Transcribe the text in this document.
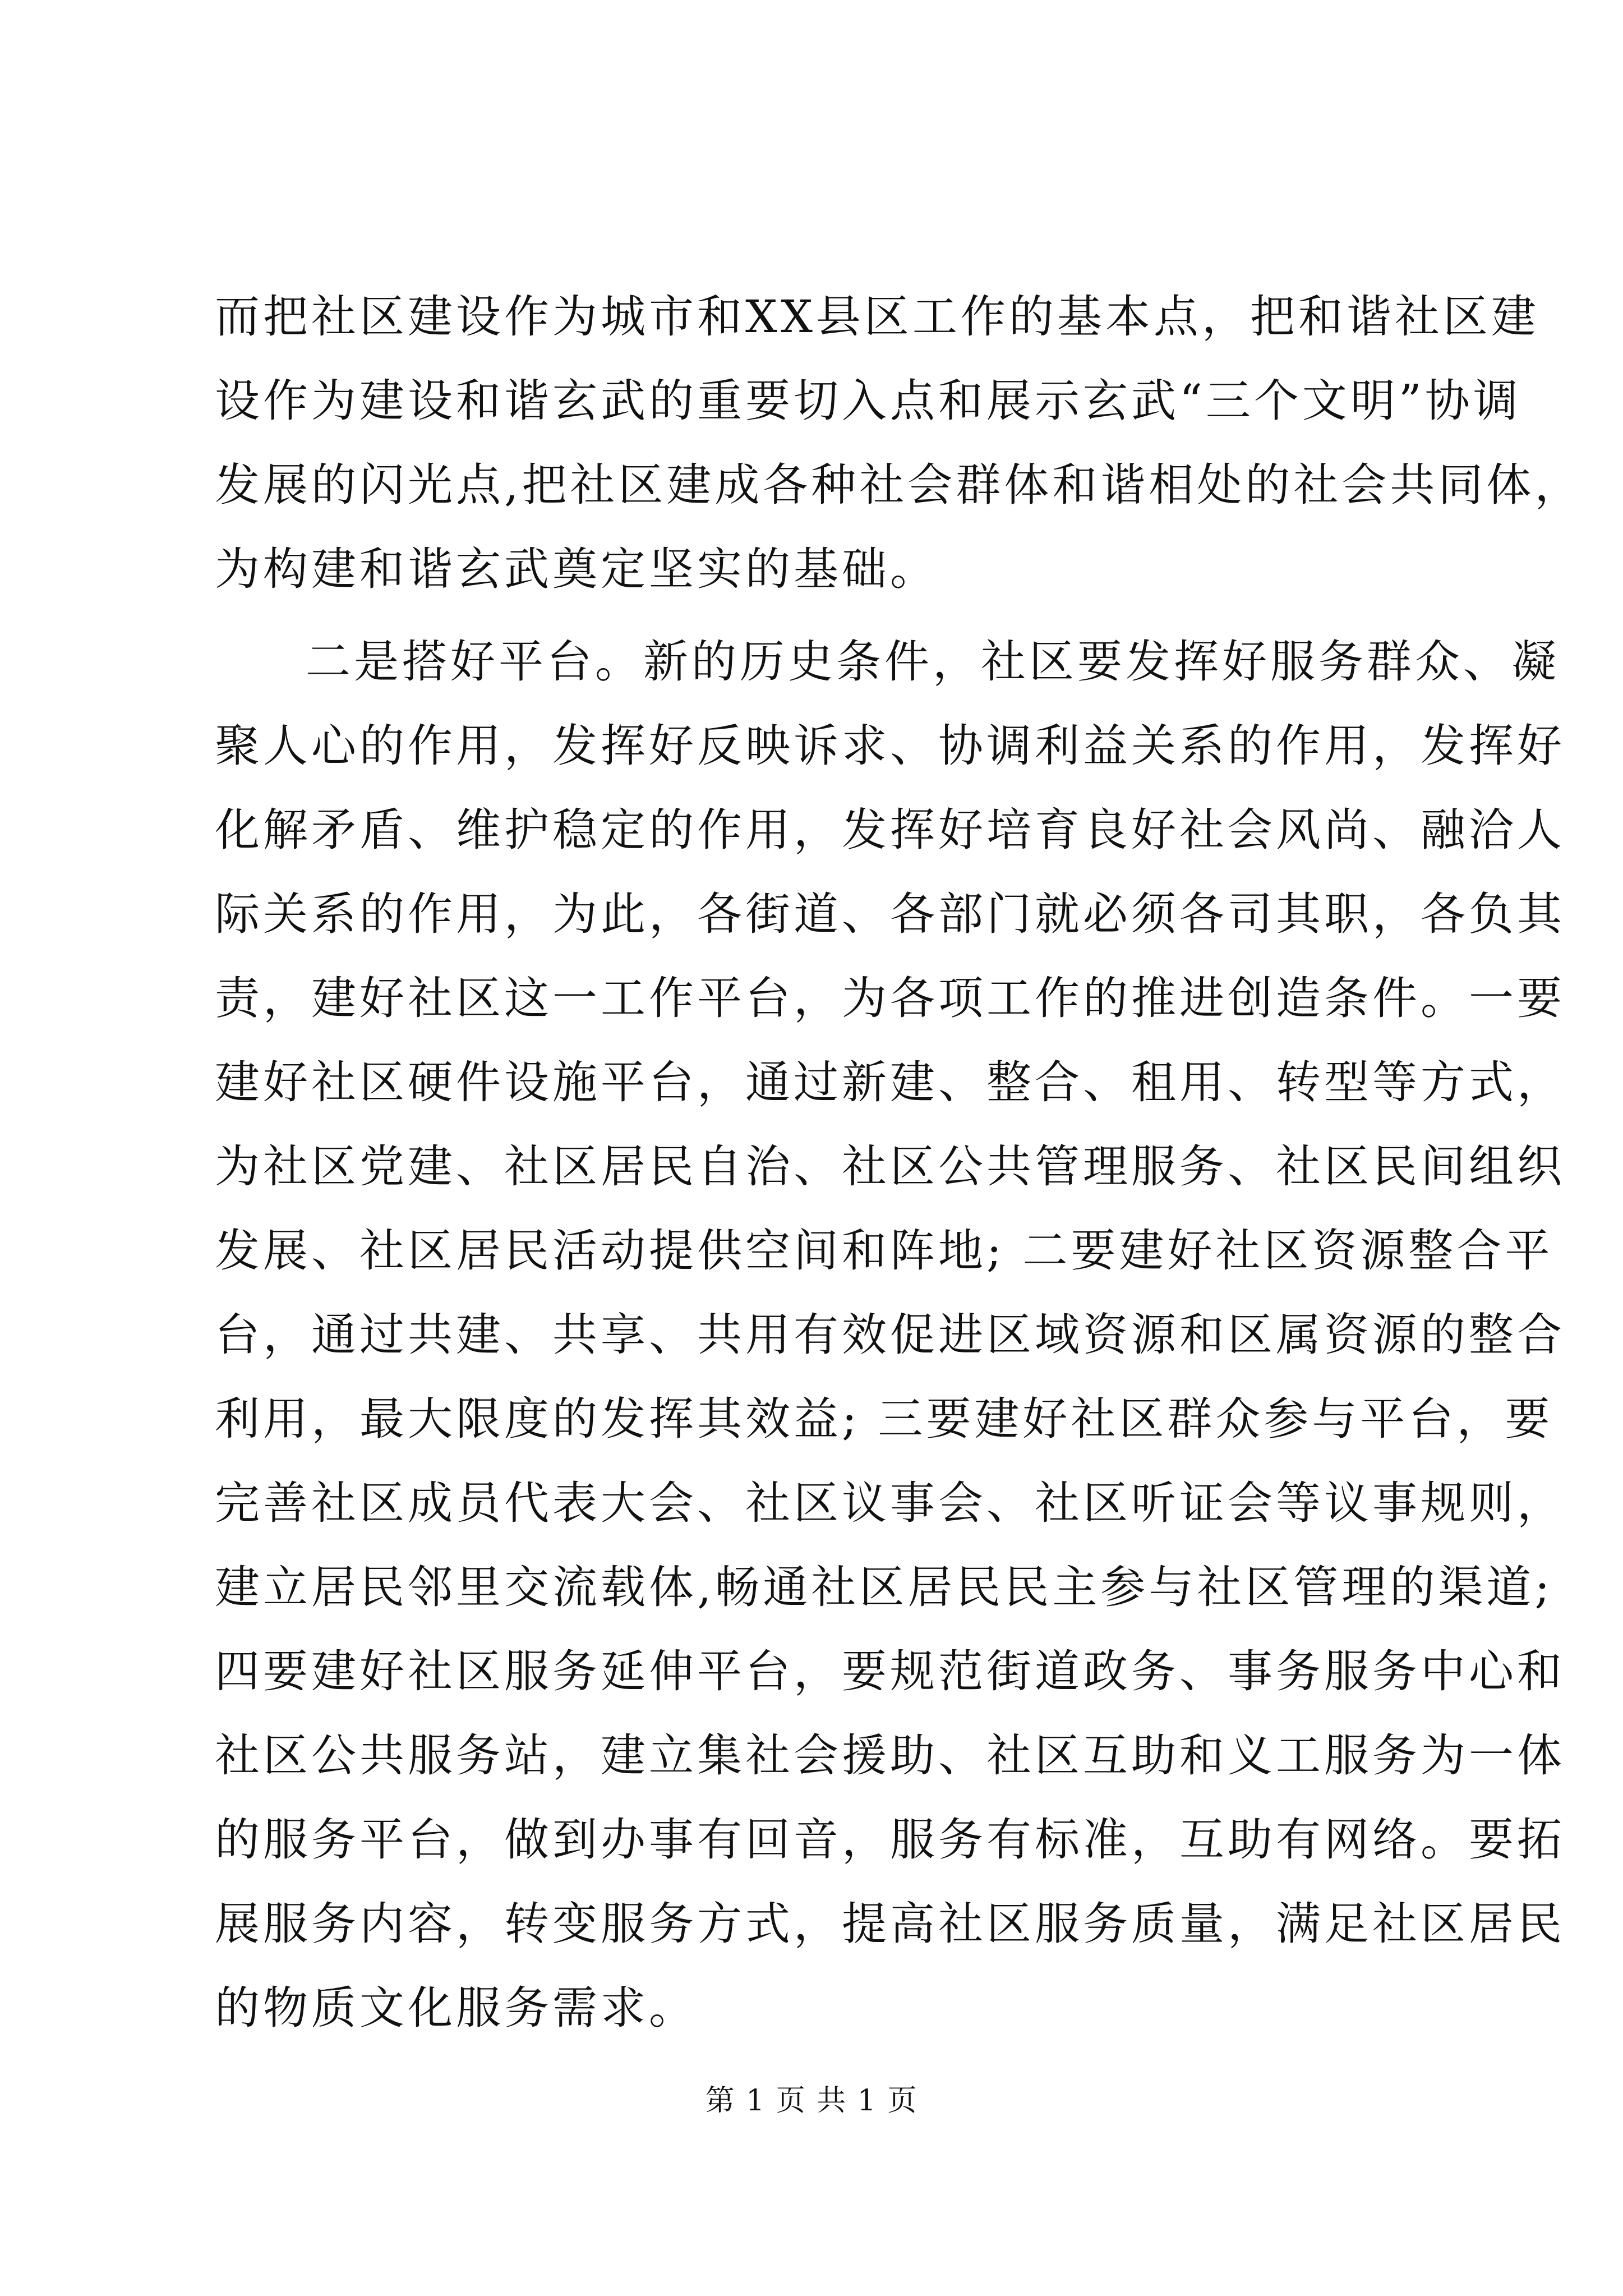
而把社区建设作为城市和XX县区工作的基本点，把和谐社区建
设作为建设和谐玄武的重要切入点和展示玄武“三个文明”协调
发展的闪光点,把社区建成各种社会群体和谐相处的社会共同体，
为构建和谐玄武奠定坚实的基础。
二是搭好平台。新的历史条件，社区要发挥好服务群众、凝
聚人心的作用，发挥好反映诉求、协调利益关系的作用，发挥好
化解矛盾、维护稳定的作用，发挥好培育良好社会风尚、融洽人
际关系的作用，为此，各街道、各部门就必须各司其职，各负其
责，建好社区这一工作平台，为各项工作的推进创造条件。一要
建好社区硬件设施平台，通过新建、整合、租用、转型等方式，
为社区党建、社区居民自治、社区公共管理服务、社区民间组织
发展、社区居民活动提供空间和阵地; 二要建好社区资源整合平
台，通过共建、共享、共用有效促进区域资源和区属资源的整合
利用，最大限度的发挥其效益; 三要建好社区群众参与平台，要
完善社区成员代表大会、社区议事会、社区听证会等议事规则，
建立居民邻里交流载体,畅通社区居民民主参与社区管理的渠道;
四要建好社区服务延伸平台，要规范街道政务、事务服务中心和
社区公共服务站，建立集社会援助、社区互助和义工服务为一体
的服务平台，做到办事有回音，服务有标准，互助有网络。要拓
展服务内容，转变服务方式，提高社区服务质量，满足社区居民
的物质文化服务需求。
第 1 页 共 1 页
